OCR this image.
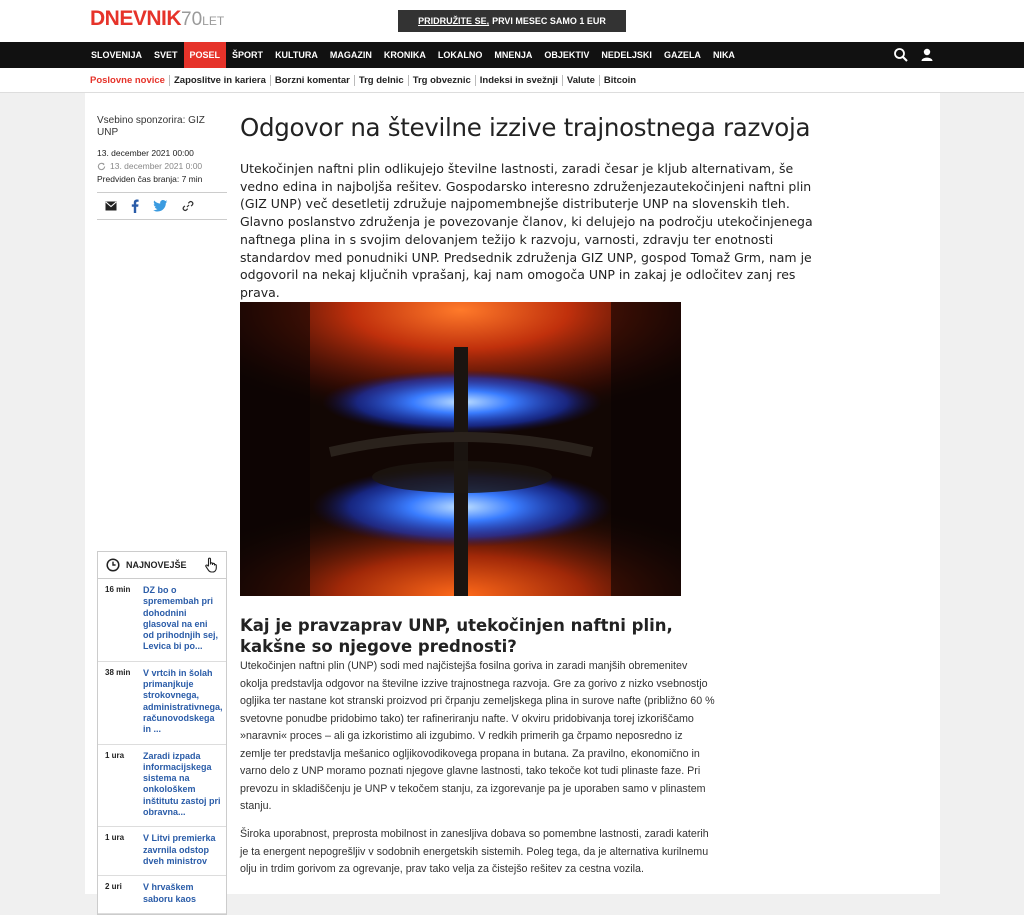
DNEVNIK70LET	PRIDRUŽITE SE, PRVI MESEC SAMO 1 EUR
SLOVENIJA	SVET	POSEL	ŠPORT	KULTURA	MAGAZIN	KRONIKA	LOKALNO	MNENJA	OBJEKTIV	NEDELJSKI	GAZELA	NIKA
Poslovne novice Zaposlitve in kariera Borzni komentar Trg delnic Trg obveznic Indeksi in svežnji Valute Bitcoin
Vsebino sponzorira: GIZ UNP
13. december 2021 00:00
13. december 2021 0:00
Predviden čas branja: 7 min
NAJNOVEJŠE
16 min	DZ bo o spremembah pri dohodnini glasoval na eni od prihodnjih sej, Levica bi po...
38 min	V vrtcih in šolah primanjkuje strokovnega, administrativnega, računovodskega in ...
1 ura	Zaradi izpada informacijskega sistema na onkološkem inštitutu zastoj pri obravna...
1 ura	V Litvi premierka zavrnila odstop dveh ministrov
2 uri	V hrvaškem saboru kaos
Odgovor na številne izzive trajnostnega razvoja
Utekočinjen naftni plin odlikujejo številne lastnosti, zaradi česar je kljub alternativam, še vedno edina in najboljša rešitev. Gospodarsko interesno združenjezautekočinjeni naftni plin (GIZ UNP) več desetletij združuje najpomembnejše distributerje UNP na slovenskih tleh. Glavno poslanstvo združenja je povezovanje članov, ki delujejo na področju utekočinjenega naftnega plina in s svojim delovanjem težijo k razvoju, varnosti, zdravju ter enotnosti standardov med ponudniki UNP. Predsednik združenja GIZ UNP, gospod Tomaž Grm, nam je odgovoril na nekaj ključnih vprašanj, kaj nam omogoča UNP in zakaj je odločitev zanj res prava.
Kaj je pravzaprav UNP, utekočinjen naftni plin, kakšne so njegove prednosti?

Utekočinjen naftni plin (UNP) sodi med najčistejša fosilna goriva in zaradi manjših obremenitev okolja predstavlja odgovor na številne izzive trajnostnega razvoja. Gre za gorivo z nizko vsebnostjo ogljika ter nastane kot stranski proizvod pri črpanju zemeljskega plina in surove nafte (približno 60 % svetovne ponudbe pridobimo tako) ter rafineriranju nafte. V okviru pridobivanja torej izkoriščamo »naravni« proces – ali ga izkoristimo ali izgubimo. V redkih primerih ga črpamo neposredno iz zemlje ter predstavlja mešanico ogljikovodikovega propana in butana. Za pravilno, ekonomično in varno delo z UNP moramo poznati njegove glavne lastnosti, tako tekoče kot tudi plinaste faze. Pri prevozu in skladiščenju je UNP v tekočem stanju, za izgorevanje pa je uporaben samo v plinastem stanju.

Široka uporabnost, preprosta mobilnost in zanesljiva dobava so pomembne lastnosti, zaradi katerih je ta energent nepogrešljiv v sodobnih energetskih sistemih. Poleg tega, da je alternativa kurilnemu olju in trdim gorivom za ogrevanje, prav tako velja za čistejšo rešitev za cestna vozila.
